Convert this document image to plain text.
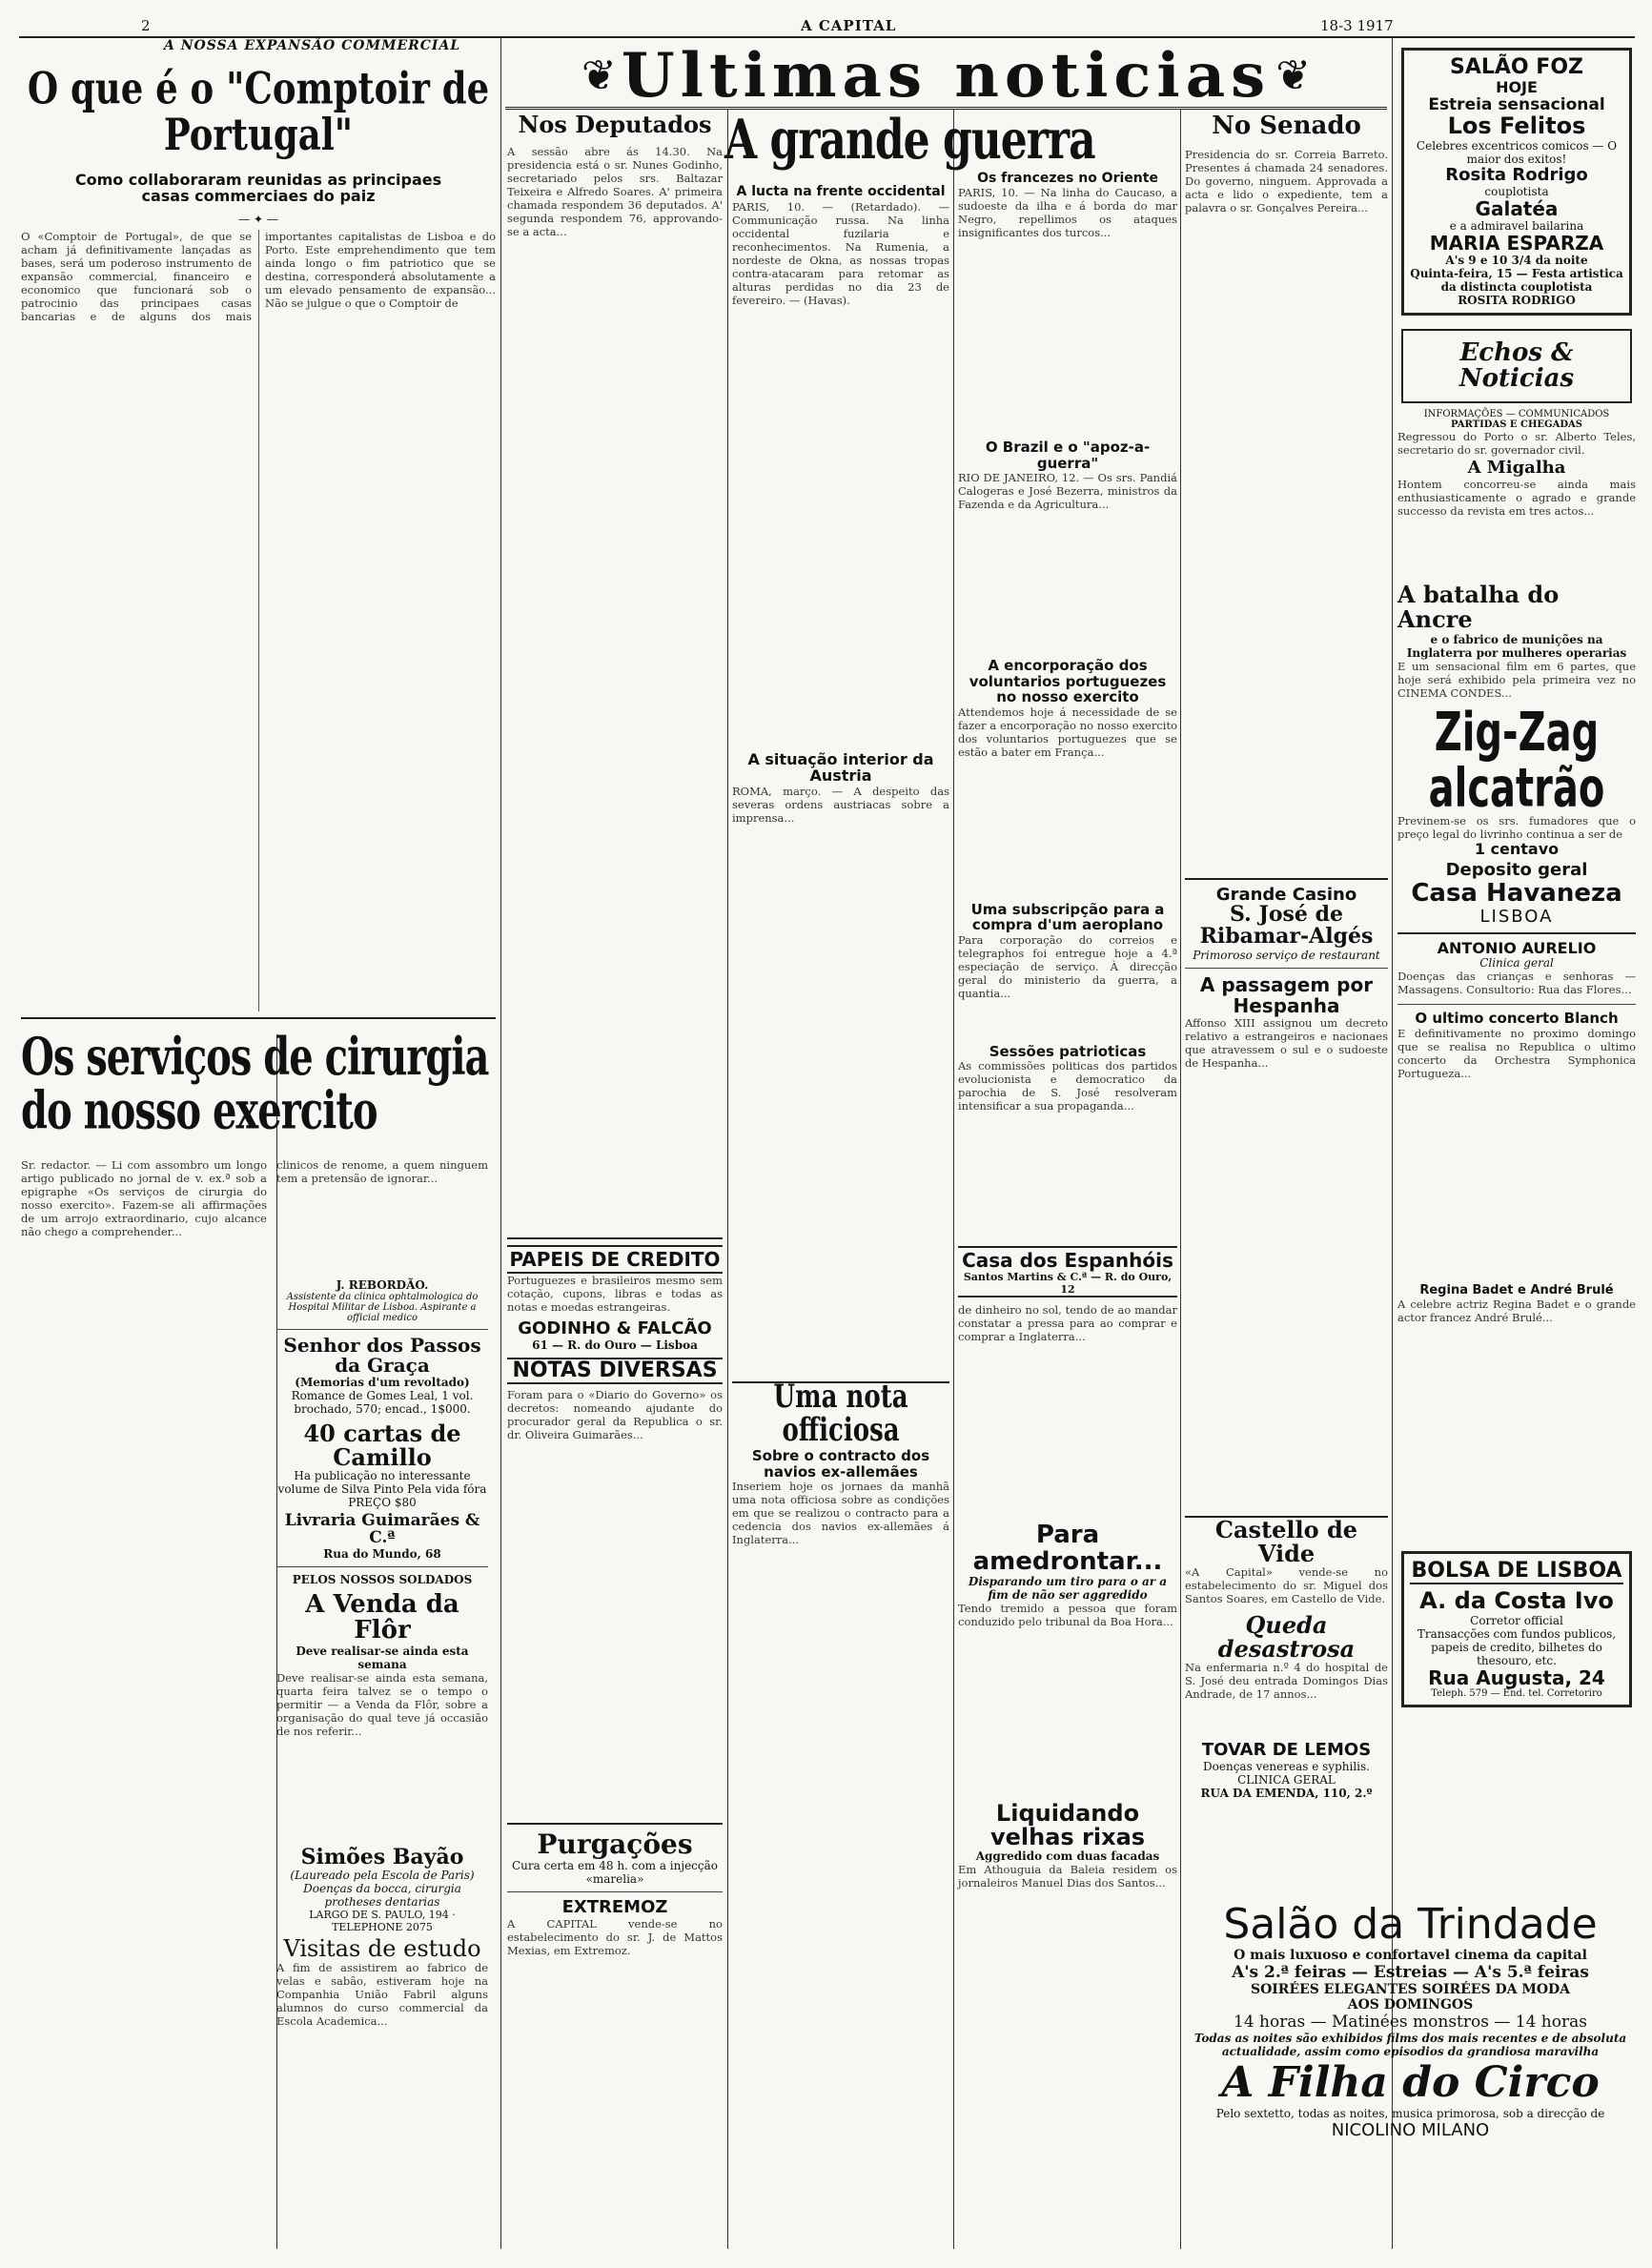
2	A CAPITAL	18-3 1917
❦ Ultimas noticias ❦
A NOSSA EXPANSÃO COMMERCIAL
O que é o "Comptoir de Portugal"
Como collaboraram reunidas as principaes casas commerciaes do paiz
— ✦ —
O «Comptoir de Portugal», de que se acham já definitivamente lançadas as bases, será um poderoso instrumento de expansão commercial, financeiro e economico que funcionará sob o patrocinio das principaes casas bancarias e de alguns dos mais importantes capitalistas de Lisboa e do Porto. Este emprehendimento que tem ainda longo o fim patriotico que se destina, corresponderá absolutamente a um elevado pensamento de expansão... Não se julgue o que o Comptoir de
Os serviços de cirurgia do nosso exercito
Sr. redactor. — Li com assombro um longo artigo publicado no jornal de v. ex.ª sob a epigraphe «Os serviços de cirurgia do nosso exercito». Fazem-se ali affirmações de um arrojo extraordinario, cujo alcance não chego a comprehender...
clinicos de renome, a quem ninguem tem a pretensão de ignorar...
J. REBORDÃO.
Assistente da clinica ophtalmologica do Hospital Militar de Lisboa. Aspirante a official medico
Senhor dos Passos da Graça
(Memorias d'um revoltado)
Romance de Gomes Leal, 1 vol. brochado, 570; encad., 1$000.
40 cartas de Camillo
Ha publicação no interessante volume de Silva Pinto Pela vida fóra PREÇO $80
Livraria Guimarães & C.ª
Rua do Mundo, 68
PELOS NOSSOS SOLDADOS
A Venda da Flôr
Deve realisar-se ainda esta semana
Deve realisar-se ainda esta semana, quarta feira talvez se o tempo o permitir — a Venda da Flôr, sobre a organisação do qual teve já occasião de nos referir...
Simões Bayão
(Laureado pela Escola de Paris) Doenças da bocca, cirurgia protheses dentarias
LARGO DE S. PAULO, 194 · TELEPHONE 2075
Visitas de estudo
A fim de assistirem ao fabrico de velas e sabão, estiveram hoje na Companhia União Fabril alguns alumnos do curso commercial da Escola Academica...
Nos Deputados
A sessão abre ás 14.30. Na presidencia está o sr. Nunes Godinho, secretariado pelos srs. Baltazar Teixeira e Alfredo Soares. A' primeira chamada respondem 36 deputados. A' segunda respondem 76, approvando-se a acta...
PAPEIS DE CREDITO
Portuguezes e brasileiros mesmo sem cotação, cupons, libras e todas as notas e moedas estrangeiras.
GODINHO & FALCÃO
61 — R. do Ouro — Lisboa
NOTAS DIVERSAS
Foram para o «Diario do Governo» os decretos: nomeando ajudante do procurador geral da Republica o sr. dr. Oliveira Guimarães...
Purgações
Cura certa em 48 h. com a injecção «marelia»
EXTREMOZ
A CAPITAL vende-se no estabelecimento do sr. J. de Mattos Mexias, em Extremoz.
A grande guerra
A lucta na frente occidental
PARIS, 10. — (Retardado). — Communicação russa. Na linha occidental fuzilaria e reconhecimentos. Na Rumenia, a nordeste de Okna, as nossas tropas contra-atacaram para retomar as alturas perdidas no dia 23 de fevereiro. — (Havas).
A situação interior da Austria
ROMA, março. — A despeito das severas ordens austriacas sobre a imprensa...
Uma nota officiosa
Sobre o contracto dos navios ex-allemães
Inseriem hoje os jornaes da manhã uma nota officiosa sobre as condições em que se realizou o contracto para a cedencia dos navios ex-allemães á Inglaterra...
Os francezes no Oriente
PARIS, 10. — Na linha do Caucaso, a sudoeste da ilha e á borda do mar Negro, repellimos os ataques insignificantes dos turcos...
O Brazil e o "apoz-a-guerra"
RIO DE JANEIRO, 12. — Os srs. Pandiá Calogeras e José Bezerra, ministros da Fazenda e da Agricultura...
A encorporação dos voluntarios portuguezes no nosso exercito
Attendemos hoje á necessidade de se fazer a encorporação no nosso exercito dos voluntarios portuguezes que se estão a bater em França...
Uma subscripção para a compra d'um aeroplano
Para corporação do correios e telegraphos foi entregue hoje a 4.ª especiação de serviço. À direcção geral do ministerio da guerra, a quantia...
Sessões patrioticas
As commissões politicas dos partidos evolucionista e democratico da parochia de S. José resolveram intensificar a sua propaganda...
Casa dos Espanhóis
Santos Martins & C.ª — R. do Ouro, 12
de dinheiro no sol, tendo de ao mandar constatar a pressa para ao comprar e comprar a Inglaterra...
Para amedrontar...
Disparando um tiro para o ar a fim de não ser aggredido
Tendo tremido a pessoa que foram conduzido pelo tribunal da Boa Hora...
Liquidando velhas rixas
Aggredido com duas facadas
Em Athouguia da Baleia residem os jornaleiros Manuel Dias dos Santos...
No Senado
Presidencia do sr. Correia Barreto. Presentes á chamada 24 senadores. Do governo, ninguem. Approvada a acta e lido o expediente, tem a palavra o sr. Gonçalves Pereira...
Grande Casino
S. José de Ribamar-Algés
Primoroso serviço de restaurant
A passagem por Hespanha
Affonso XIII assignou um decreto relativo a estrangeiros e nacionaes que atravessem o sul e o sudoeste de Hespanha...
Castello de Vide
«A Capital» vende-se no estabelecimento do sr. Miguel dos Santos Soares, em Castello de Vide.
Queda desastrosa
Na enfermaria n.º 4 do hospital de S. José deu entrada Domingos Dias Andrade, de 17 annos...
TOVAR DE LEMOS
Doenças venereas e syphilis. CLINICA GERAL
RUA DA EMENDA, 110, 2.º
SALÃO FOZ
HOJE
Estreia sensacional
Los Felitos
Celebres excentricos comicos — O maior dos exitos!
Rosita Rodrigo
couplotista
Galatéa
e a admiravel bailarina
MARIA ESPARZA
A's 9 e 10 3/4 da noite
Quinta-feira, 15 — Festa artistica da distincta couplotista
ROSITA RODRIGO
Echos & Noticias
INFORMAÇÕES — COMMUNICADOS
PARTIDAS E CHEGADAS
Regressou do Porto o sr. Alberto Teles, secretario do sr. governador civil.
A Migalha
Hontem concorreu-se ainda mais enthusiasticamente o agrado e grande successo da revista em tres actos...
A batalha do Ancre
e o fabrico de munições na Inglaterra por mulheres operarias
E um sensacional film em 6 partes, que hoje será exhibido pela primeira vez no CINEMA CONDES...
Zig-Zag alcatrão
Previnem-se os srs. fumadores que o preço legal do livrinho continua a ser de
1 centavo
Deposito geral
Casa Havaneza
LISBOA
ANTONIO AURELIO
Clinica geral
Doenças das crianças e senhoras — Massagens. Consultorio: Rua das Flores...
O ultimo concerto Blanch
E definitivamente no proximo domingo que se realisa no Republica o ultimo concerto da Orchestra Symphonica Portugueza...
Regina Badet e André Brulé
A celebre actriz Regina Badet e o grande actor francez André Brulé...
BOLSA DE LISBOA
A. da Costa Ivo
Corretor official
Transacções com fundos publicos, papeis de credito, bilhetes do thesouro, etc.
Rua Augusta, 24
Teleph. 579 — End. tel. Corretoriro
Salão da Trindade
O mais luxuoso e confortavel cinema da capital
A's 2.ª feiras — Estreias — A's 5.ª feiras
SOIRÉES ELEGANTES SOIRÉES DA MODA
AOS DOMINGOS
14 horas — Matinées monstros — 14 horas
Todas as noites são exhibidos films dos mais recentes e de absoluta actualidade, assim como episodios da grandiosa maravilha
A Filha do Circo
Pelo sextetto, todas as noites, musica primorosa, sob a direcção de
NICOLINO MILANO
